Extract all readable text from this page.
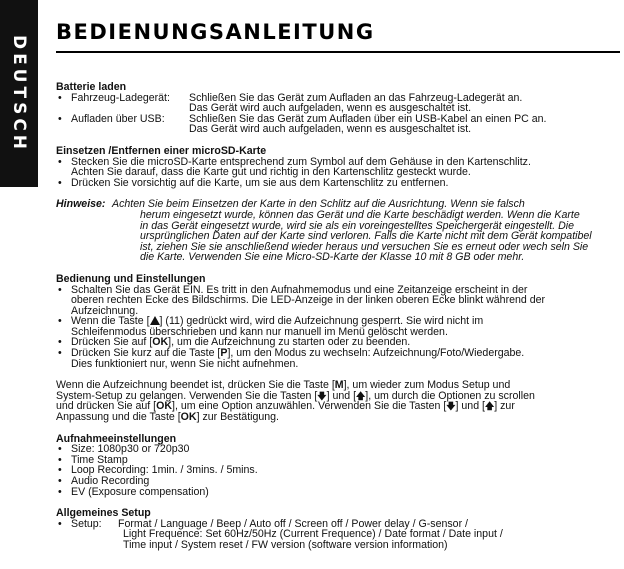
DEUTSCH
BEDIENUNGSANLEITUNG
Batterie laden
• Fahrzeug-Ladegerät:	Schließen Sie das Gerät zum Aufladen an das Fahrzeug-Ladegerät an.
Das Gerät wird auch aufgeladen, wenn es ausgeschaltet ist.
• Aufladen über USB:	Schließen Sie das Gerät zum Aufladen über ein USB-Kabel an einen PC an.
Das Gerät wird auch aufgeladen, wenn es ausgeschaltet ist.
Einsetzen /Entfernen einer microSD-Karte
• Stecken Sie die microSD-Karte entsprechend zum Symbol auf dem Gehäuse in den Kartenschlitz.
Achten Sie darauf, dass die Karte gut und richtig in den Kartenschlitz gesteckt wurde.
• Drücken Sie vorsichtig auf die Karte, um sie aus dem Kartenschlitz zu entfernen.
Hinweise: Achten Sie beim Einsetzen der Karte in den Schlitz auf die Ausrichtung. Wenn sie falsch
herum eingesetzt wurde, können das Gerät und die Karte beschädigt werden. Wenn die Karte
in das Gerät eingesetzt wurde, wird sie als ein voreingestelltes Speichergerät eingestellt. Die
ursprünglichen Daten auf der Karte sind verloren. Falls die Karte nicht mit dem Gerät kompatibel
ist, ziehen Sie sie anschließend wieder heraus und versuchen Sie es erneut oder wech seln Sie
die Karte. Verwenden Sie eine Micro-SD-Karte der Klasse 10 mit 8 GB oder mehr.
Bedienung und Einstellungen
• Schalten Sie das Gerät EIN. Es tritt in den Aufnahmemodus und eine Zeitanzeige erscheint in der
oberen rechten Ecke des Bildschirms. Die LED-Anzeige in der linken oberen Ecke blinkt während der
Aufzeichnung.
• Wenn die Taste [ ] (11) gedrückt wird, wird die Aufzeichnung gesperrt. Sie wird nicht im
Schleifenmodus überschrieben und kann nur manuell im Menü gelöscht werden.
• Drücken Sie auf [OK], um die Aufzeichnung zu starten oder zu beenden.
• Drücken Sie kurz auf die Taste [P], um den Modus zu wechseln: Aufzeichnung/Foto/Wiedergabe.
Dies funktioniert nur, wenn Sie nicht aufnehmen.
Wenn die Aufzeichnung beendet ist, drücken Sie die Taste [M], um wieder zum Modus Setup und
System-Setup zu gelangen. Verwenden Sie die Tasten [🡇] und [🡅], um durch die Optionen zu scrollen
und drücken Sie auf [OK], um eine Option anzuwählen. Verwenden Sie die Tasten [🡇] und [🡅] zur
Anpassung und die Taste [OK] zur Bestätigung.
Aufnahmeeinstellungen
• Size: 1080p30 or 720p30
• Time Stamp
• Loop Recording: 1min. / 3mins. / 5mins.
• Audio Recording
• EV (Exposure compensation)
Allgemeines Setup
• Setup: Format / Language / Beep / Auto off / Screen off / Power delay / G-sensor /
Light Frequence: Set 60Hz/50Hz (Current Frequence) / Date format / Date input /
Time input / System reset / FW version (software version information)
